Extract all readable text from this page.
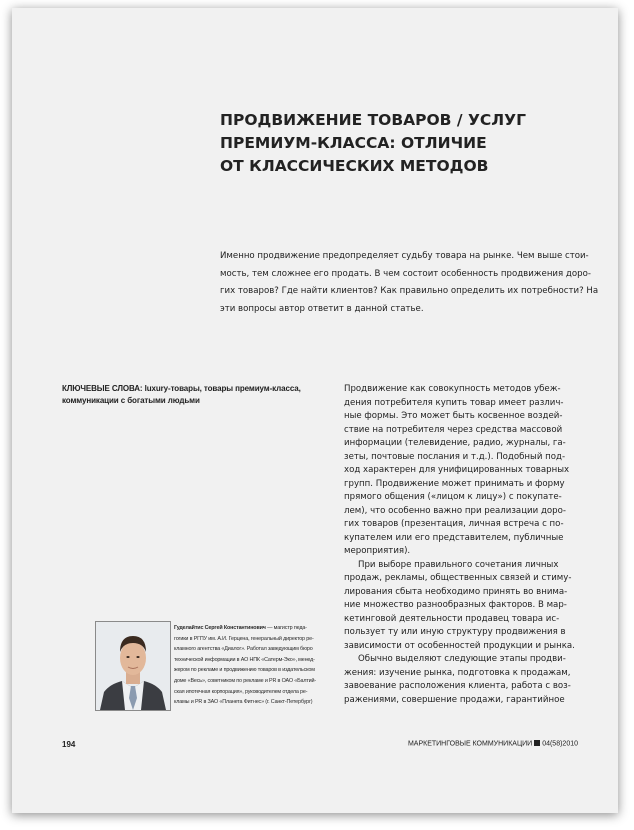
ПРОДВИЖЕНИЕ ТОВАРОВ / УСЛУГ
ПРЕМИУМ-КЛАССА: ОТЛИЧИЕ
ОТ КЛАССИЧЕСКИХ МЕТОДОВ
Именно продвижение предопределяет судьбу товара на рынке. Чем выше стои-
мость, тем сложнее его продать. В чем состоит особенность продвижения доро-
гих товаров? Где найти клиентов? Как правильно определить их потребности? На
эти вопросы автор ответит в данной статье.
КЛЮЧЕВЫЕ СЛОВА: luxury-товары, товары премиум-класса,
коммуникации с богатыми людьми
Продвижение как совокупность методов убеж-
дения потребителя купить товар имеет различ-
ные формы. Это может быть косвенное воздей-
ствие на потребителя через средства массовой
информации (телевидение, радио, журналы, га-
зеты, почтовые послания и т.д.). Подобный под-
ход характерен для унифицированных товарных
групп. Продвижение может принимать и форму
прямого общения («лицом к лицу») с покупате-
лем), что особенно важно при реализации доро-
гих товаров (презентация, личная встреча с по-
купателем или его представителем, публичные
мероприятия).
При выборе правильного сочетания личных
продаж, рекламы, общественных связей и стиму-
лирования сбыта необходимо принять во внима-
ние множество разнообразных факторов. В мар-
кетинговой деятельности продавец товара ис-
пользует ту или иную структуру продвижения в
зависимости от особенностей продукции и рынка.
Обычно выделяют следующие этапы продви-
жения: изучение рынка, подготовка к продажам,
завоевание расположения клиента, работа с воз-
ражениями, совершение продажи, гарантийное
Гуделайтис Сергей Константинович — магистр педа-
гогики в РГПУ им. А.И. Герцена, генеральный директор ре-
кламного агентства «Диалог». Работал заведующим бюро
технической информации в АО НПК «Сатерм-Эко», менед-
жером по рекламе и продвижению товаров в издательском
доме «Весь», советником по рекламе и PR в ОАО «Балтий-
ская ипотечная корпорация», руководителем отдела ре-
кламы и PR в ЗАО «Планета Фитнес» (г. Санкт-Петербург)
194	МАРКЕТИНГОВЫЕ КОММУНИКАЦИИ 04(58)2010
